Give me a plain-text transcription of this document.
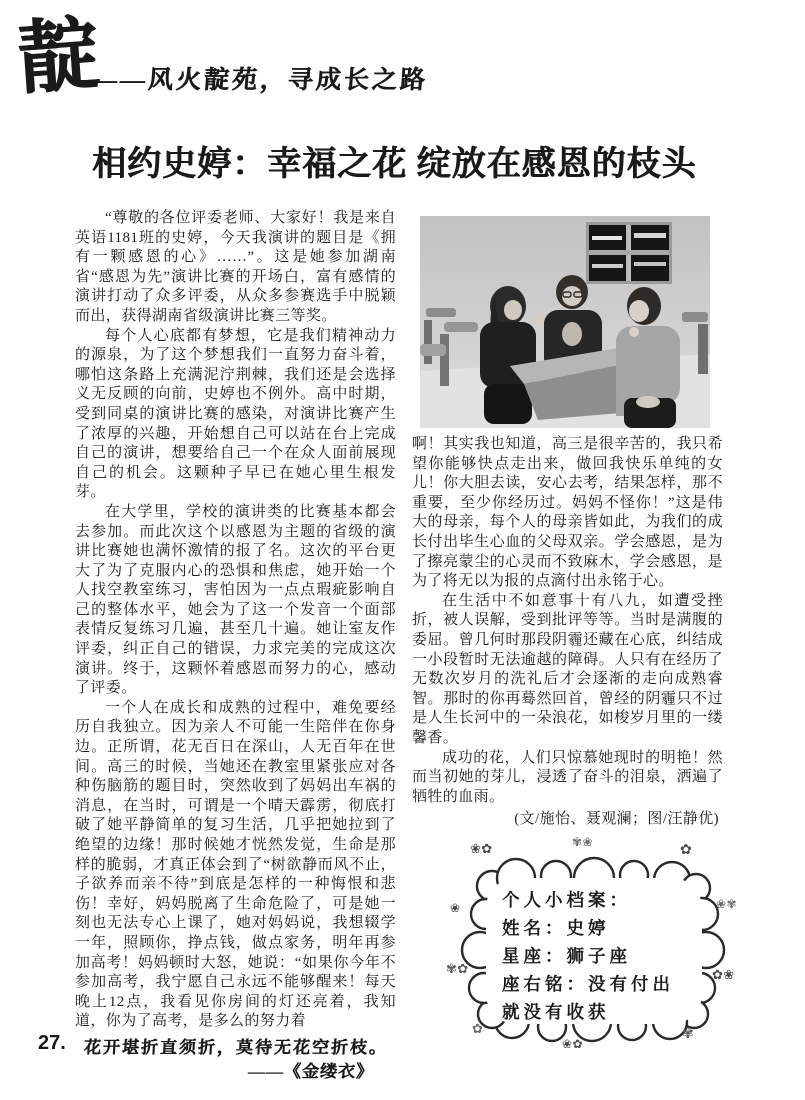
靛
——风火靛苑，寻成长之路
相约史婷：幸福之花 绽放在感恩的枝头

“尊敬的各位评委老师、大家好！我是来自英语1181班的史婷，今天我演讲的题目是《拥有一颗感恩的心》……”。这是她参加湖南省“感恩为先”演讲比赛的开场白，富有感情的演讲打动了众多评委，从众多参赛选手中脱颖而出，获得湖南省级演讲比赛三等奖。

每个人心底都有梦想，它是我们精神动力的源泉，为了这个梦想我们一直努力奋斗着，哪怕这条路上充满泥泞荆棘，我们还是会选择义无反顾的向前，史婷也不例外。高中时期，受到同桌的演讲比赛的感染，对演讲比赛产生了浓厚的兴趣，开始想自己可以站在台上完成自己的演讲，想要给自己一个在众人面前展现自己的机会。这颗种子早已在她心里生根发芽。

在大学里，学校的演讲类的比赛基本都会去参加。而此次这个以感恩为主题的省级的演讲比赛她也满怀激情的报了名。这次的平台更大了为了克服内心的恐惧和焦虑，她开始一个人找空教室练习，害怕因为一点点瑕疵影响自己的整体水平，她会为了这一个发音一个面部表情反复练习几遍，甚至几十遍。她让室友作评委，纠正自己的错误，力求完美的完成这次演讲。终于，这颗怀着感恩而努力的心，感动了评委。

一个人在成长和成熟的过程中，难免要经历自我独立。因为亲人不可能一生陪伴在你身边。正所谓，花无百日在深山，人无百年在世间。高三的时候，当她还在教室里紧张应对各种伤脑筋的题目时，突然收到了妈妈出车祸的消息，在当时，可谓是一个晴天霹雳，彻底打破了她平静简单的复习生活，几乎把她拉到了绝望的边缘！那时候她才恍然发觉，生命是那样的脆弱，才真正体会到了“树欲静而风不止，子欲养而亲不待”到底是怎样的一种悔恨和悲伤！幸好，妈妈脱离了生命危险了，可是她一刻也无法专心上课了，她对妈妈说，我想辍学一年，照顾你，挣点钱，做点家务，明年再参加高考！妈妈顿时大怒，她说：“如果你今年不参加高考，我宁愿自己永远不能够醒来！每天晚上12点，我看见你房间的灯还亮着，我知道，你为了高考，是多么的努力着

啊！其实我也知道，高三是很辛苦的，我只希望你能够快点走出来，做回我快乐单纯的女儿！你大胆去读，安心去考，结果怎样，那不重要，至少你经历过。妈妈不怪你！”这是伟大的母亲，每个人的母亲皆如此，为我们的成长付出毕生心血的父母双亲。学会感恩，是为了擦亮蒙尘的心灵而不致麻木，学会感恩，是为了将无以为报的点滴付出永铭于心。

在生活中不如意事十有八九，如遭受挫折，被人误解，受到批评等等。当时是满腹的委屈。曾几何时那段阴霾还藏在心底，纠结成一小段暂时无法逾越的障碍。人只有在经历了无数次岁月的洗礼后才会逐渐的走向成熟睿智。那时的你再蓦然回首，曾经的阴霾只不过是人生长河中的一朵浪花，如梭岁月里的一缕馨香。

成功的花，人们只惊慕她现时的明艳！然而当初她的芽儿，浸透了奋斗的泪泉，洒遍了牺牲的血雨。

(文/施怡、聂观澜；图/汪静优)
❀✿	✾❀
✿
❀✾
✿❀
✾
❀✿
✿
❀
✾✿
个人小档案：
姓名：史婷
星座：狮子座
座右铭：没有付出
就没有收获
27. 花开堪折直须折，莫待无花空折枝。
——《金缕衣》
